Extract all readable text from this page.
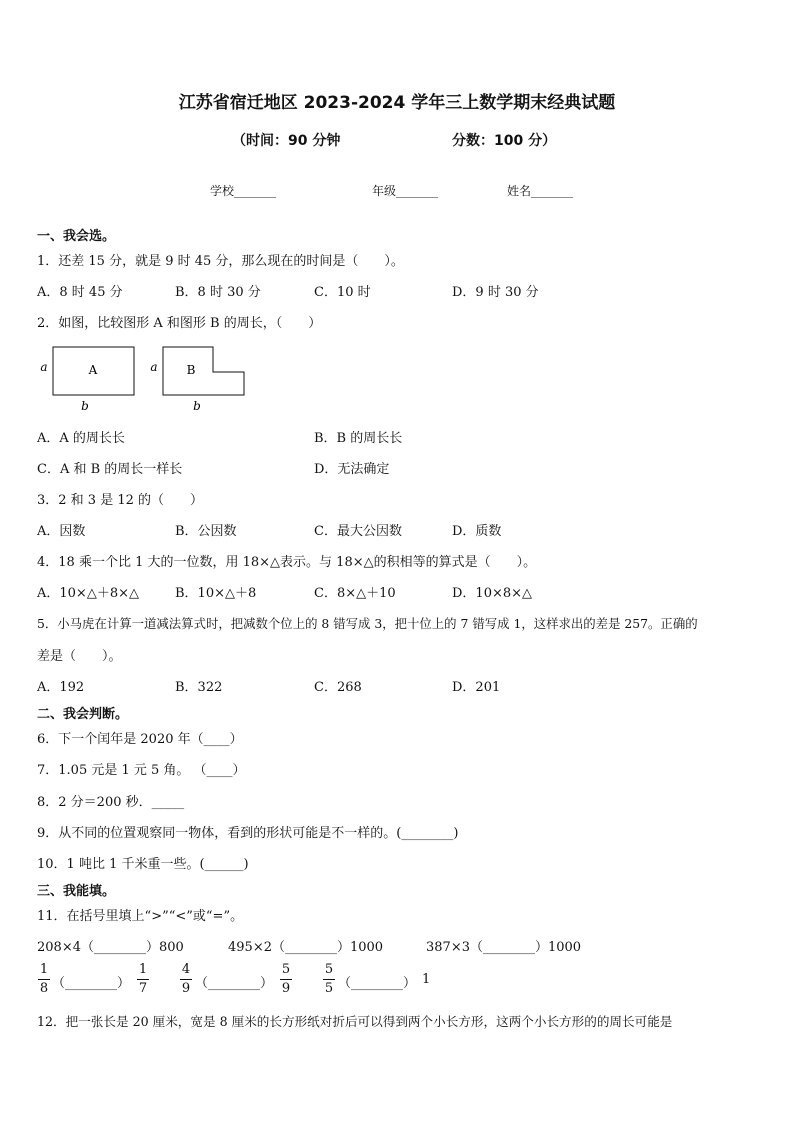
江苏省宿迁地区 2023-2024 学年三上数学期末经典试题
（时间：90 分钟	分数：100 分）
学校_______	年级_______	姓名_______
一、我会选。
1．还差 15 分，就是 9 时 45 分，那么现在的时间是（　　）。
A．8 时 45 分	B．8 时 30 分	C．10 时	D．9 时 30 分
2．如图，比较图形 A 和图形 B 的周长，（　　）
A
a
b
B
a
b
A．A 的周长长	B．B 的周长长
C．A 和 B 的周长一样长	D．无法确定
3．2 和 3 是 12 的（　　）
A．因数	B．公因数	C．最大公因数	D．质数
4．18 乘一个比 1 大的一位数，用 18×△表示。与 18×△的积相等的算式是（　　）。
A．10×△＋8×△	B．10×△＋8	C．8×△＋10	D．10×8×△
5．小马虎在计算一道减法算式时，把减数个位上的 8 错写成 3，把十位上的 7 错写成 1，这样求出的差是 257。正确的
差是（　　）。
A．192	B．322	C．268	D．201
二、我会判断。
6．下一个闰年是 2020 年（____）
7．1.05 元是 1 元 5 角。 （____）
8．2 分＝200 秒．_____
9．从不同的位置观察同一物体，看到的形状可能是不一样的。(________)
10．1 吨比 1 千米重一些。(______)
三、我能填。
11．在括号里填上“>”“<”或“=”。
208×4（________）800	495×2（________）1000	387×3（________）1000
1
8 （________）
1
7
4
9 （________）
5
9
5
5 （________） 1
12．把一张长是 20 厘米，宽是 8 厘米的长方形纸对折后可以得到两个小长方形，这两个小长方形的的周长可能是
